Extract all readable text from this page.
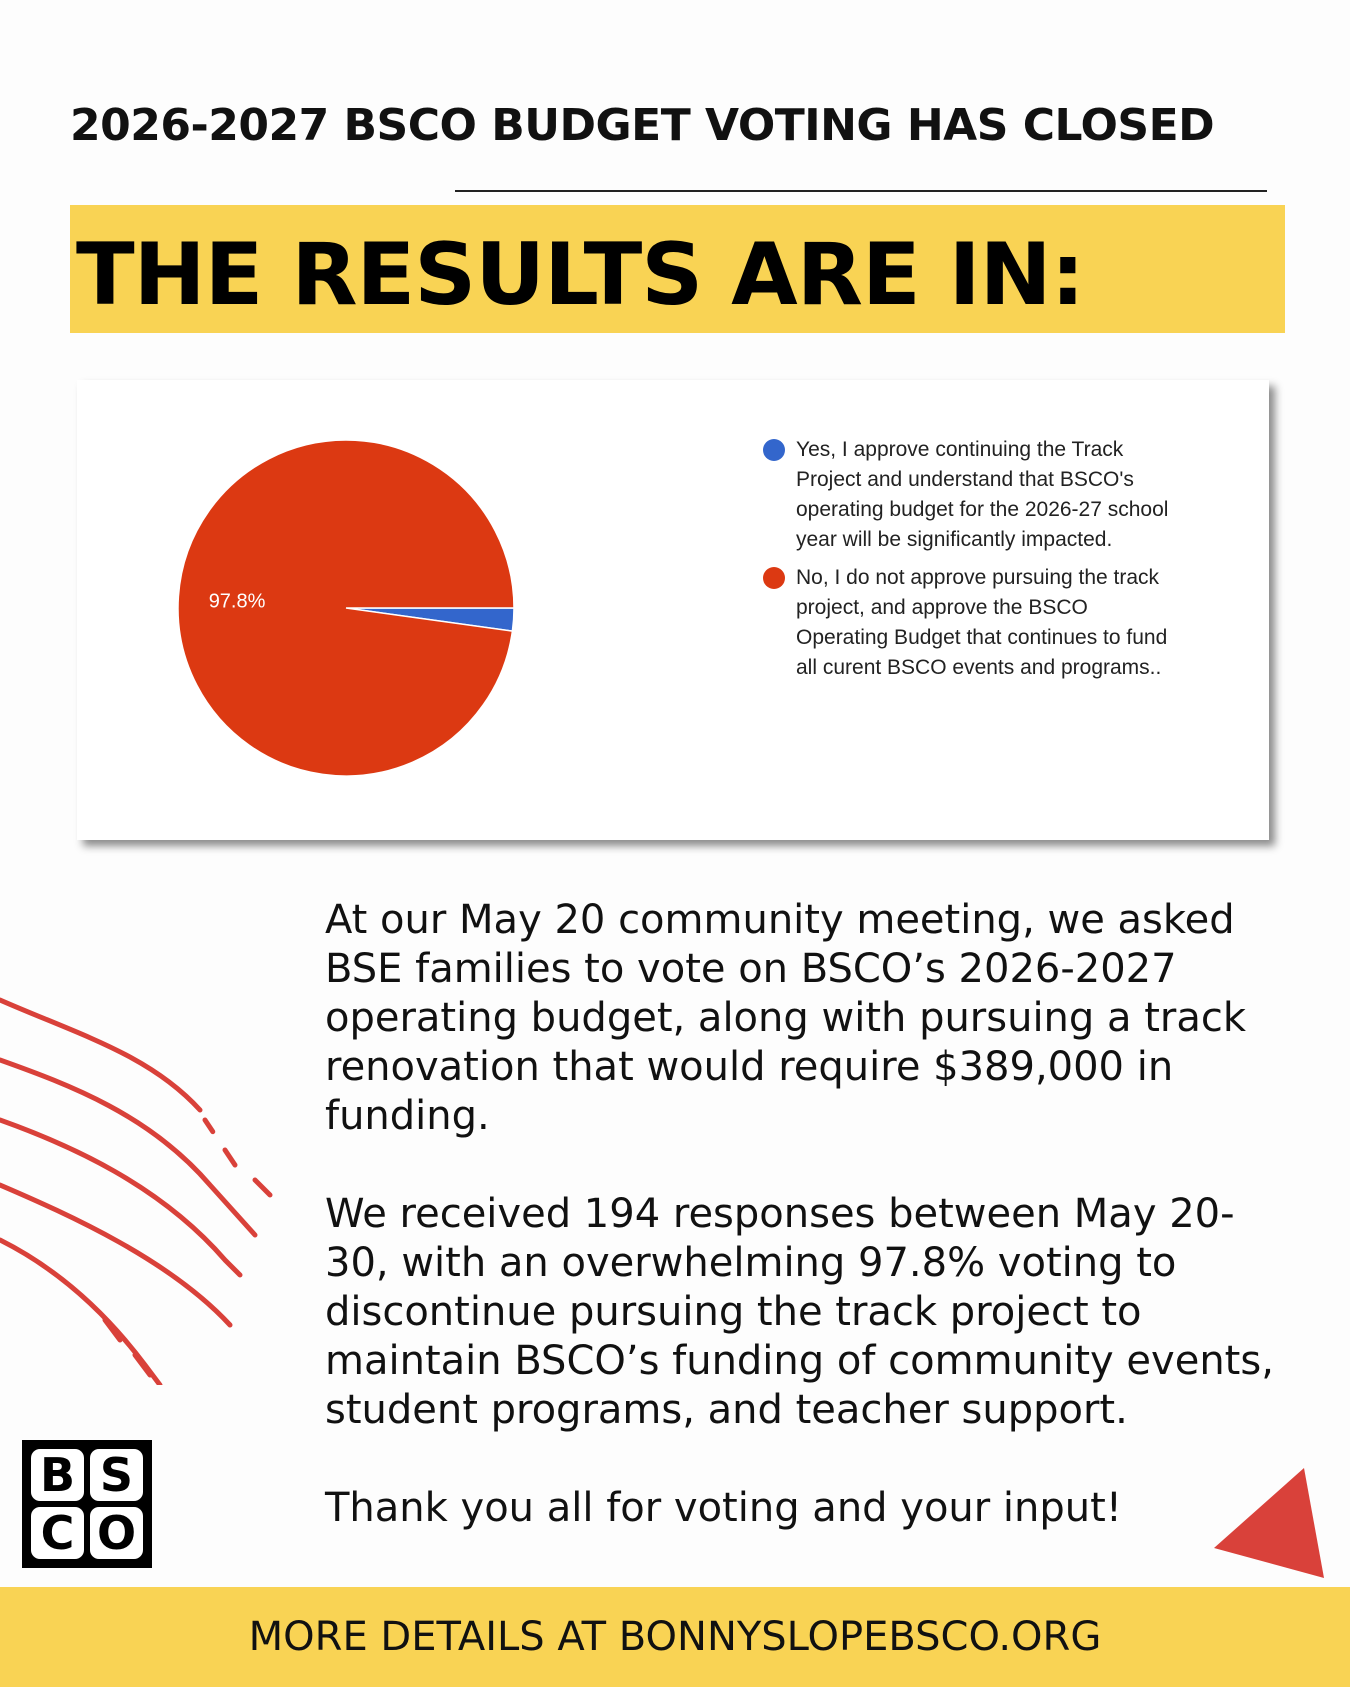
2026-2027 BSCO BUDGET VOTING HAS CLOSED
THE RESULTS ARE IN:
97.8%
Yes, I approve continuing the Track Project and understand that BSCO's operating budget for the 2026-27 school year will be significantly impacted.
No, I do not approve pursuing the track project, and approve the BSCO Operating Budget that continues to fund all curent BSCO events and programs..

At our May 20 community meeting, we asked BSE families to vote on BSCO’s 2026-2027 operating budget, along with pursuing a track renovation that would require $389,000 in funding.

We received 194 responses between May 20-30, with an overwhelming 97.8% voting to discontinue pursuing the track project to maintain BSCO’s funding of community events, student programs, and teacher support.

Thank you all for voting and your input!

B S
C O
MORE DETAILS AT BONNYSLOPEBSCO.ORG
